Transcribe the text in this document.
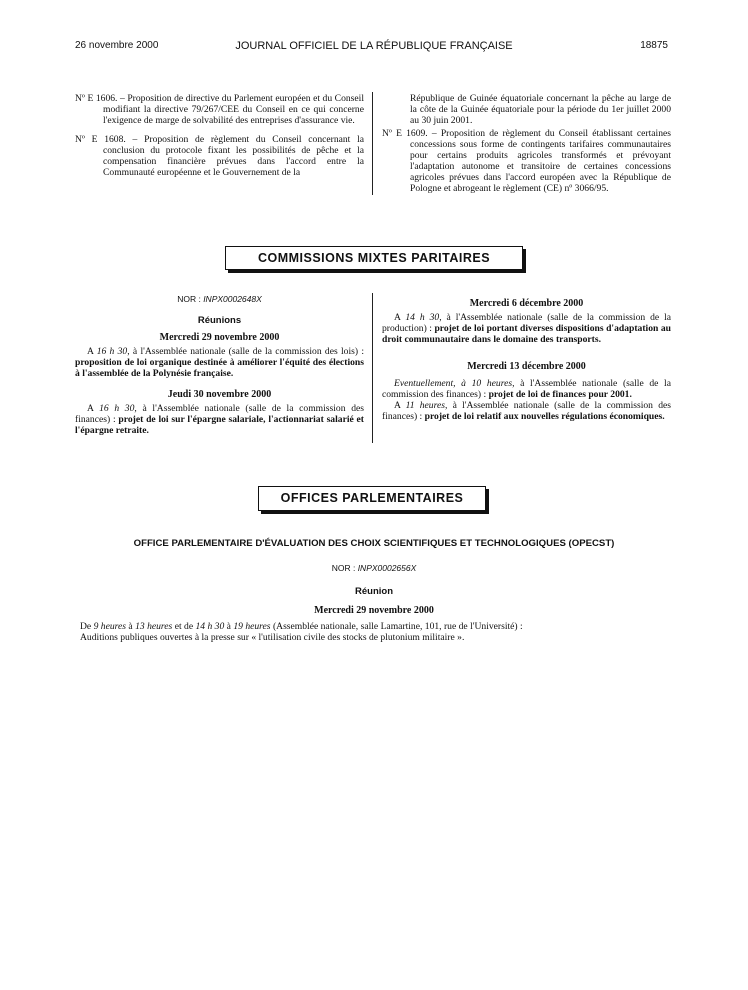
26 novembre 2000	JOURNAL OFFICIEL DE LA RÉPUBLIQUE FRANÇAISE	18875

Nº E 1606. – Proposition de directive du Parlement européen et du Conseil modifiant la directive 79/267/CEE du Conseil en ce qui concerne l'exigence de marge de solvabilité des entreprises d'assurance vie.

Nº E 1608. – Proposition de règlement du Conseil concernant la conclusion du protocole fixant les possibilités de pêche et la compensation financière prévues dans l'accord entre la Communauté européenne et le Gouvernement de la

République de Guinée équatoriale concernant la pêche au large de la côte de la Guinée équatoriale pour la période du 1er juillet 2000 au 30 juin 2001.

Nº E 1609. – Proposition de règlement du Conseil établissant certaines concessions sous forme de contingents tarifaires communautaires pour certains produits agricoles transformés et prévoyant l'adaptation autonome et transitoire de certaines concessions agricoles prévues dans l'accord européen avec la République de Pologne et abrogeant le règlement (CE) nº 3066/95.

COMMISSIONS MIXTES PARITAIRES

NOR : INPX0002648X

Réunions

Mercredi 29 novembre 2000

A 16 h 30, à l'Assemblée nationale (salle de la commission des lois) : proposition de loi organique destinée à améliorer l'équité des élections à l'assemblée de la Polynésie française.

Jeudi 30 novembre 2000

A 16 h 30, à l'Assemblée nationale (salle de la commission des finances) : projet de loi sur l'épargne salariale, l'actionnariat salarié et l'épargne retraite.

Mercredi 6 décembre 2000

A 14 h 30, à l'Assemblée nationale (salle de la commission de la production) : projet de loi portant diverses dispositions d'adaptation au droit communautaire dans le domaine des transports.

Mercredi 13 décembre 2000

Eventuellement, à 10 heures, à l'Assemblée nationale (salle de la commission des finances) : projet de loi de finances pour 2001.

A 11 heures, à l'Assemblée nationale (salle de la commission des finances) : projet de loi relatif aux nouvelles régulations économiques.

OFFICES PARLEMENTAIRES
OFFICE PARLEMENTAIRE D'ÉVALUATION DES CHOIX SCIENTIFIQUES ET TECHNOLOGIQUES (OPECST)

NOR : INPX0002656X

Réunion

Mercredi 29 novembre 2000

De 9 heures à 13 heures et de 14 h 30 à 19 heures (Assemblée nationale, salle Lamartine, 101, rue de l'Université) :

Auditions publiques ouvertes à la presse sur « l'utilisation civile des stocks de plutonium militaire ».
